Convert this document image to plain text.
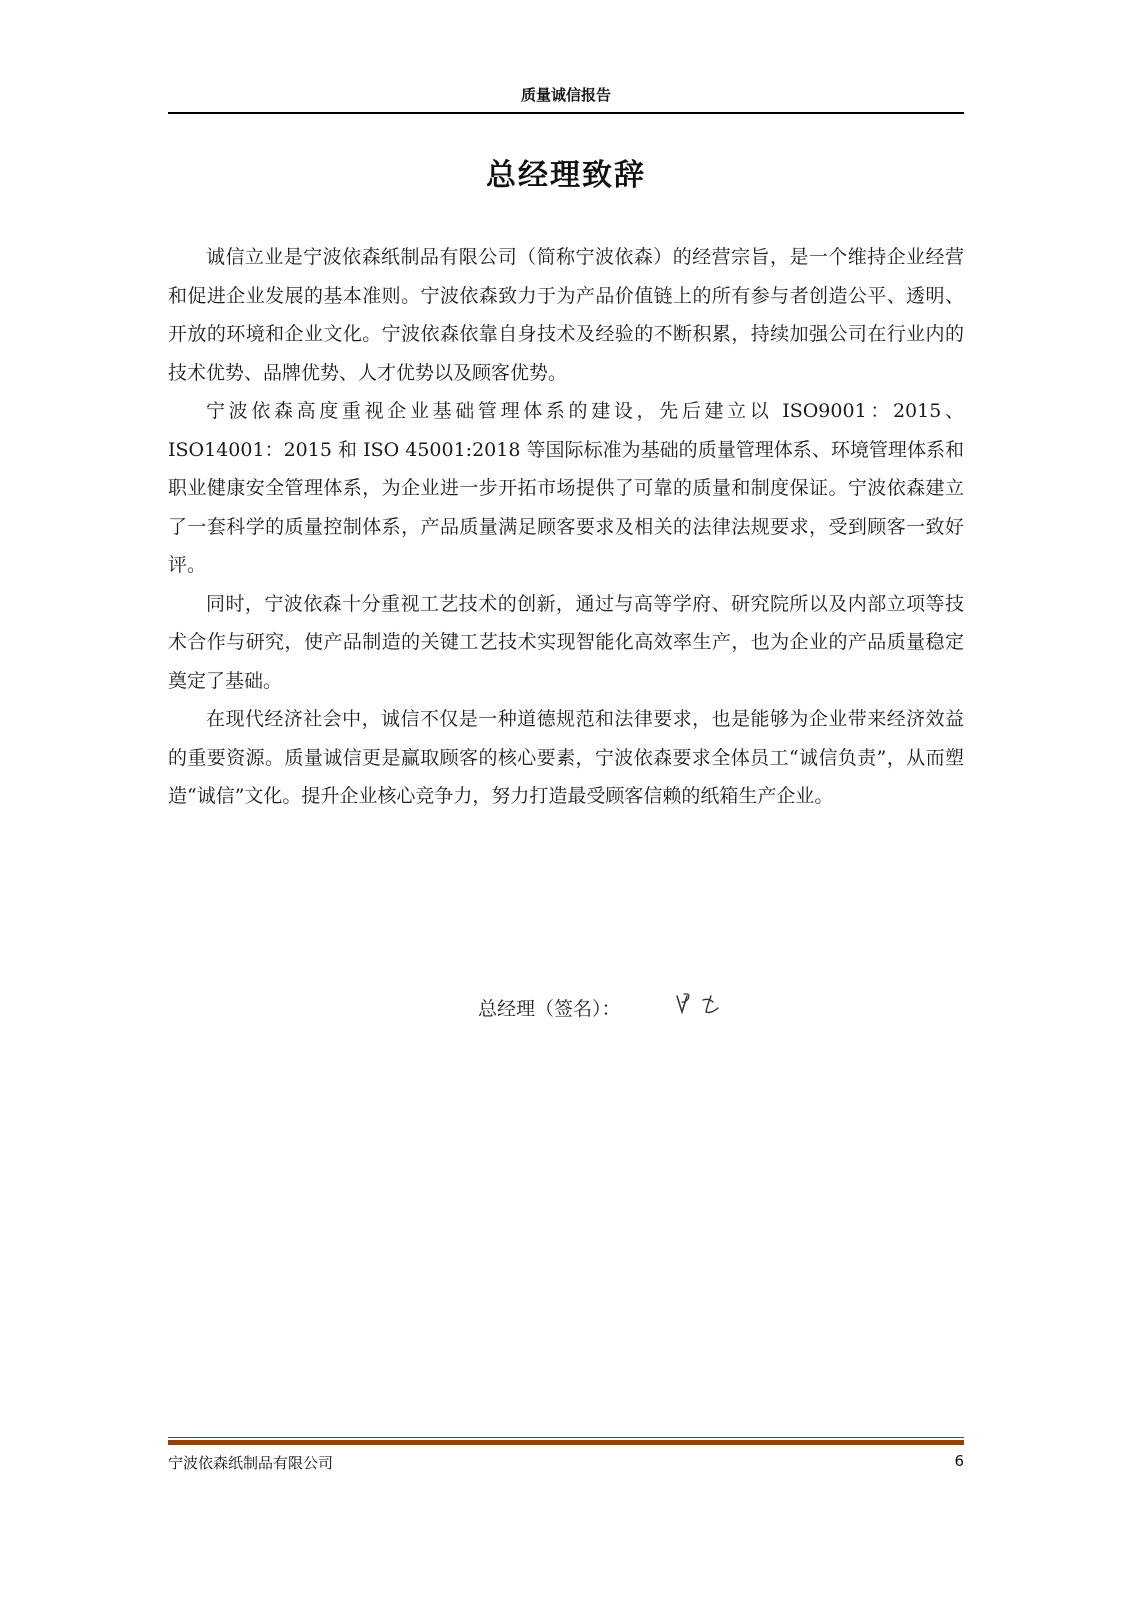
质量诚信报告
总经理致辞

诚信立业是宁波依森纸制品有限公司（简称宁波依森）的经营宗旨，是一个维持企业经营和促进企业发展的基本准则。宁波依森致力于为产品价值链上的所有参与者创造公平、透明、开放的环境和企业文化。宁波依森依靠自身技术及经验的不断积累，持续加强公司在行业内的技术优势、品牌优势、人才优势以及顾客优势。

宁波依森高度重视企业基础管理体系的建设，先后建立以 ISO9001：2015、ISO14001：2015 和 ISO 45001:2018 等国际标准为基础的质量管理体系、环境管理体系和职业健康安全管理体系，为企业进一步开拓市场提供了可靠的质量和制度保证。宁波依森建立了一套科学的质量控制体系，产品质量满足顾客要求及相关的法律法规要求，受到顾客一致好评。

同时，宁波依森十分重视工艺技术的创新，通过与高等学府、研究院所以及内部立项等技术合作与研究，使产品制造的关键工艺技术实现智能化高效率生产，也为企业的产品质量稳定奠定了基础。

在现代经济社会中，诚信不仅是一种道德规范和法律要求，也是能够为企业带来经济效益的重要资源。质量诚信更是赢取顾客的核心要素，宁波依森要求全体员工“诚信负责”，从而塑造“诚信”文化。提升企业核心竞争力，努力打造最受顾客信赖的纸箱生产企业。

总经理（签名）：
宁波依森纸制品有限公司	6
